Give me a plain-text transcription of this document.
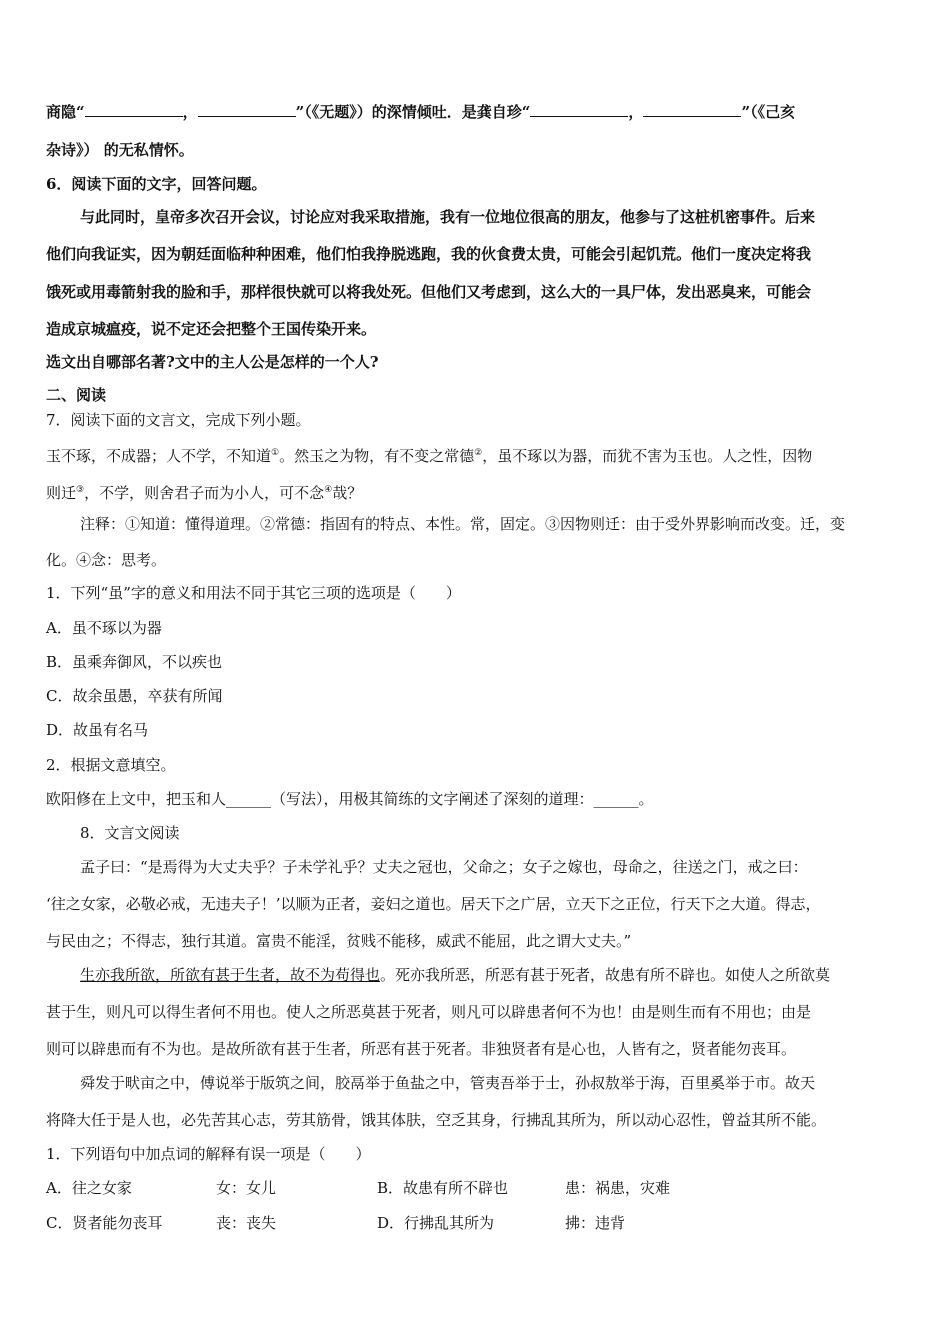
商隐“	，	”（《无题》）的深情倾吐．是龚自珍“	，	”（《己亥
杂诗》） 的无私情怀。
6．阅读下面的文字，回答问题。
与此同时，皇帝多次召开会议，讨论应对我采取措施，我有一位地位很高的朋友，他参与了这桩机密事件。后来
他们向我证实，因为朝廷面临种种困难，他们怕我挣脱逃跑，我的伙食费太贵，可能会引起饥荒。他们一度决定将我
饿死或用毒箭射我的脸和手，那样很快就可以将我处死。但他们又考虑到，这么大的一具尸体，发出恶臭来，可能会
造成京城瘟疫，说不定还会把整个王国传染开来。
选文出自哪部名著?文中的主人公是怎样的一个人?
二、阅读
7．阅读下面的文言文，完成下列小题。
玉不琢，不成器；人不学，不知道①。然玉之为物，有不变之常德②，虽不琢以为器，而犹不害为玉也。人之性，因物
则迁③，不学，则舍君子而为小人，可不念④哉？
注释：①知道：懂得道理。②常德：指固有的特点、本性。常，固定。③因物则迁：由于受外界影响而改变。迁，变
化。④念：思考。
1．下列“虽”字的意义和用法不同于其它三项的选项是（　　）
A．虽不琢以为器
B．虽乘奔御风，不以疾也
C．故余虽愚，卒获有所闻
D．故虽有名马
2．根据文意填空。
欧阳修在上文中，把玉和人______（写法），用极其简练的文字阐述了深刻的道理：______。
8．文言文阅读
孟子曰：“是焉得为大丈夫乎？子未学礼乎？丈夫之冠也，父命之；女子之嫁也，母命之，往送之门，戒之曰：
‘往之女家，必敬必戒，无违夫子！’以顺为正者，妾妇之道也。居天下之广居，立天下之正位，行天下之大道。得志，
与民由之；不得志，独行其道。富贵不能淫，贫贱不能移，威武不能屈，此之谓大丈夫。”
生亦我所欲，所欲有甚于生者，故不为苟得也。死亦我所恶，所恶有甚于死者，故患有所不辟也。如使人之所欲莫
甚于生，则凡可以得生者何不用也。使人之所恶莫甚于死者，则凡可以辟患者何不为也！由是则生而有不用也；由是
则可以辟患而有不为也。是故所欲有甚于生者，所恶有甚于死者。非独贤者有是心也，人皆有之，贤者能勿丧耳。
舜发于畎亩之中，傅说举于版筑之间，胶鬲举于鱼盐之中，管夷吾举于士，孙叔敖举于海，百里奚举于市。故天
将降大任于是人也，必先苦其心志，劳其筋骨，饿其体肤，空乏其身，行拂乱其所为，所以动心忍性，曾益其所不能。
1．下列语句中加点词的解释有误一项是（　　）
A．往之女家	女：女儿	B．故患有所不辟也	患：祸患，灾难
C．贤者能勿丧耳	丧：丧失	D．行拂乱其所为	拂：违背
